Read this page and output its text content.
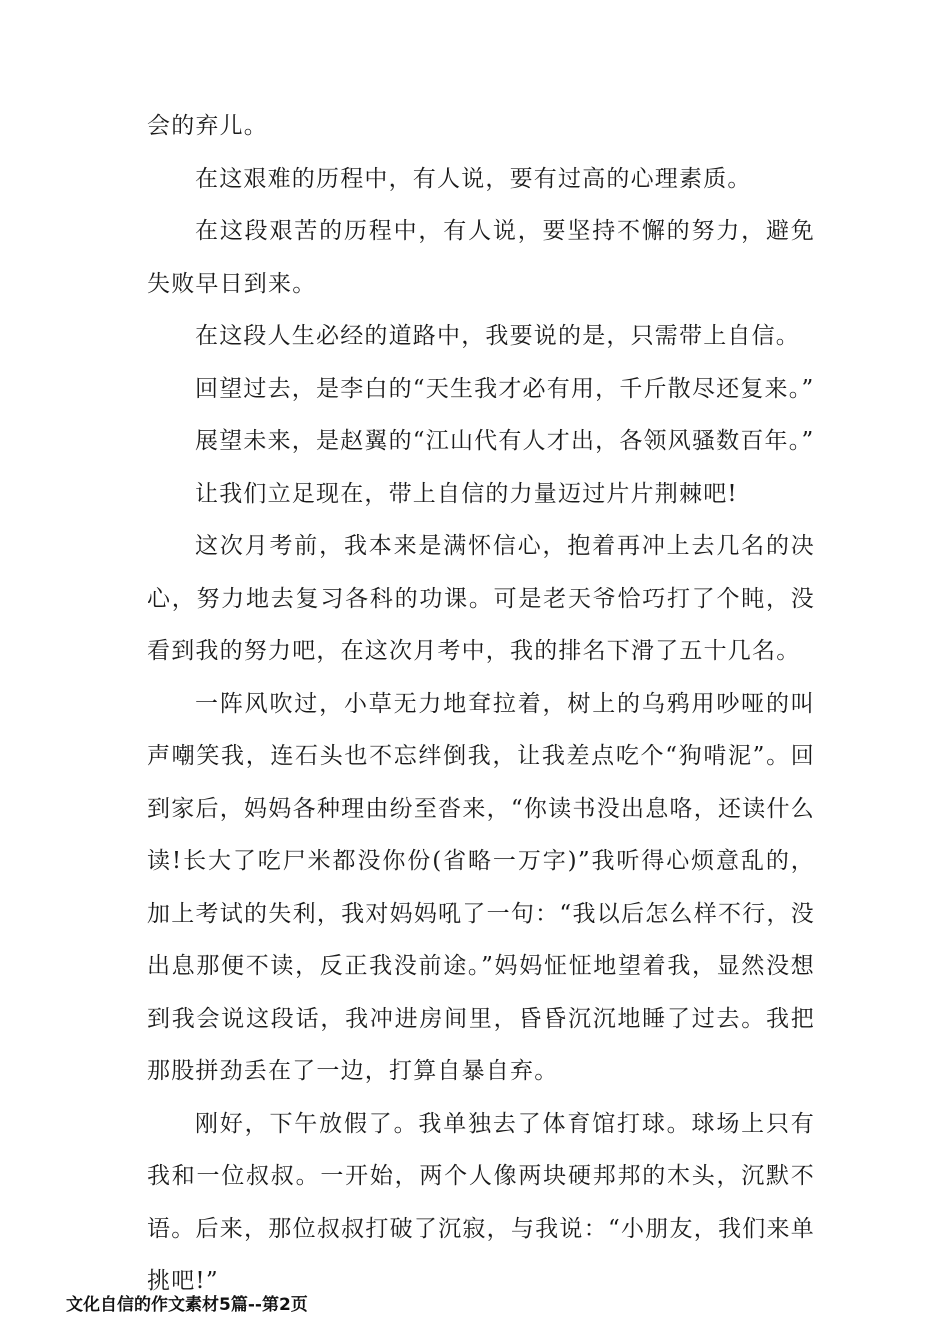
会的弃儿。

在这艰难的历程中，有人说，要有过高的心理素质。

在这段艰苦的历程中，有人说，要坚持不懈的努力，避免失败早日到来。

在这段人生必经的道路中，我要说的是，只需带上自信。

回望过去，是李白的“天生我才必有用，千斤散尽还复来。”

展望未来，是赵翼的“江山代有人才出，各领风骚数百年。”

让我们立足现在，带上自信的力量迈过片片荆棘吧!

这次月考前，我本来是满怀信心，抱着再冲上去几名的决心，努力地去复习各科的功课。可是老天爷恰巧打了个盹，没看到我的努力吧，在这次月考中，我的排名下滑了五十几名。

一阵风吹过，小草无力地耷拉着，树上的乌鸦用吵哑的叫声嘲笑我，连石头也不忘绊倒我，让我差点吃个“狗啃泥”。回到家后，妈妈各种理由纷至沓来，“你读书没出息咯，还读什么读!长大了吃尸米都没你份(省略一万字)”我听得心烦意乱的，加上考试的失利，我对妈妈吼了一句：“我以后怎么样不行，没出息那便不读，反正我没前途。”妈妈怔怔地望着我，显然没想到我会说这段话，我冲进房间里，昏昏沉沉地睡了过去。我把那股拼劲丢在了一边，打算自暴自弃。

刚好，下午放假了。我单独去了体育馆打球。球场上只有我和一位叔叔。一开始，两个人像两块硬邦邦的木头，沉默不语。后来，那位叔叔打破了沉寂，与我说：“小朋友，我们来单挑吧!”

文化自信的作文素材5篇--第2页
